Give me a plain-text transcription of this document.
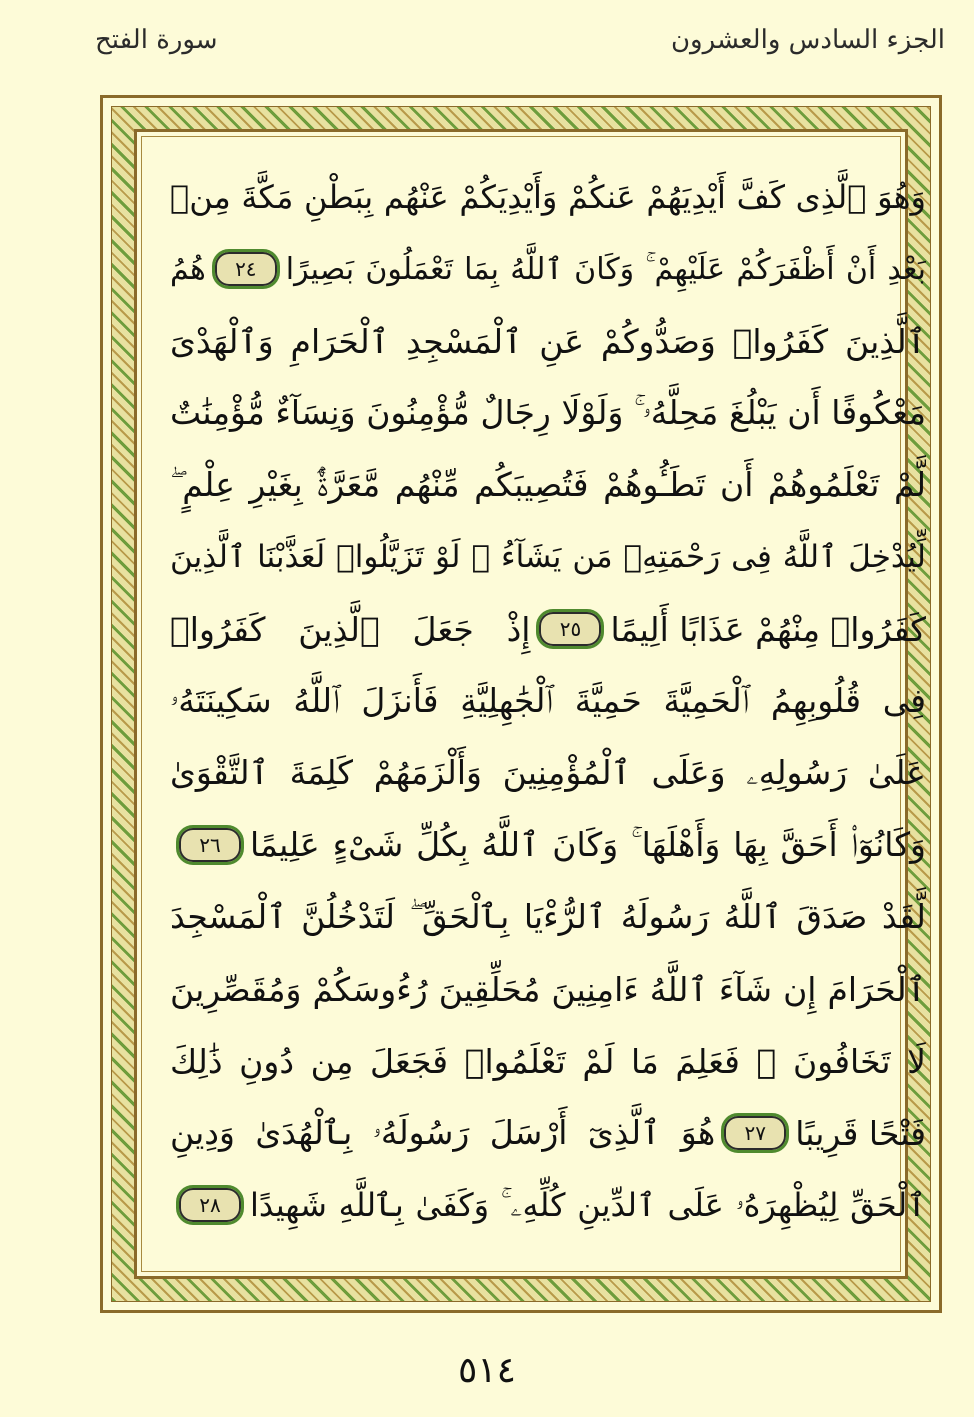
الجزء السادس والعشرون
سورة الفتح
وَهُوَ ٱلَّذِى كَفَّ أَيْدِيَهُمْ عَنكُمْ وَأَيْدِيَكُمْ عَنْهُم بِبَطْنِ مَكَّةَ مِنۢ
بَعْدِ أَنْ أَظْفَرَكُمْ عَلَيْهِمْ ۚ وَكَانَ ٱللَّهُ بِمَا تَعْمَلُونَ بَصِيرًا
٢٤
هُمُ
ٱلَّذِينَ كَفَرُوا۟ وَصَدُّوكُمْ عَنِ ٱلْمَسْجِدِ ٱلْحَرَامِ وَٱلْهَدْىَ
مَعْكُوفًا أَن يَبْلُغَ مَحِلَّهُۥ ۚ وَلَوْلَا رِجَالٌ مُّؤْمِنُونَ وَنِسَآءٌ مُّؤْمِنَٰتٌ
لَّمْ تَعْلَمُوهُمْ أَن تَطَـُٔوهُمْ فَتُصِيبَكُم مِّنْهُم مَّعَرَّةٌۢ بِغَيْرِ عِلْمٍ ۖ
لِّيُدْخِلَ ٱللَّهُ فِى رَحْمَتِهِۦ مَن يَشَآءُ ۚ لَوْ تَزَيَّلُوا۟ لَعَذَّبْنَا ٱلَّذِينَ
كَفَرُوا۟ مِنْهُمْ عَذَابًا أَلِيمًا
٢٥
إِذْ جَعَلَ ٱلَّذِينَ كَفَرُوا۟
فِى قُلُوبِهِمُ ٱلْحَمِيَّةَ حَمِيَّةَ ٱلْجَٰهِلِيَّةِ فَأَنزَلَ ٱللَّهُ سَكِينَتَهُۥ
عَلَىٰ رَسُولِهِۦ وَعَلَى ٱلْمُؤْمِنِينَ وَأَلْزَمَهُمْ كَلِمَةَ ٱلتَّقْوَىٰ
وَكَانُوٓا۟ أَحَقَّ بِهَا وَأَهْلَهَا ۚ وَكَانَ ٱللَّهُ بِكُلِّ شَىْءٍ عَلِيمًا
٢٦
لَّقَدْ صَدَقَ ٱللَّهُ رَسُولَهُ ٱلرُّءْيَا بِٱلْحَقِّ ۖ لَتَدْخُلُنَّ ٱلْمَسْجِدَ
ٱلْحَرَامَ إِن شَآءَ ٱللَّهُ ءَامِنِينَ مُحَلِّقِينَ رُءُوسَكُمْ وَمُقَصِّرِينَ
لَا تَخَافُونَ ۖ فَعَلِمَ مَا لَمْ تَعْلَمُوا۟ فَجَعَلَ مِن دُونِ ذَٰلِكَ
فَتْحًا قَرِيبًا
٢٧
هُوَ ٱلَّذِىٓ أَرْسَلَ رَسُولَهُۥ بِٱلْهُدَىٰ وَدِينِ
ٱلْحَقِّ لِيُظْهِرَهُۥ عَلَى ٱلدِّينِ كُلِّهِۦ ۚ وَكَفَىٰ بِٱللَّهِ شَهِيدًا
٢٨
٥١٤
